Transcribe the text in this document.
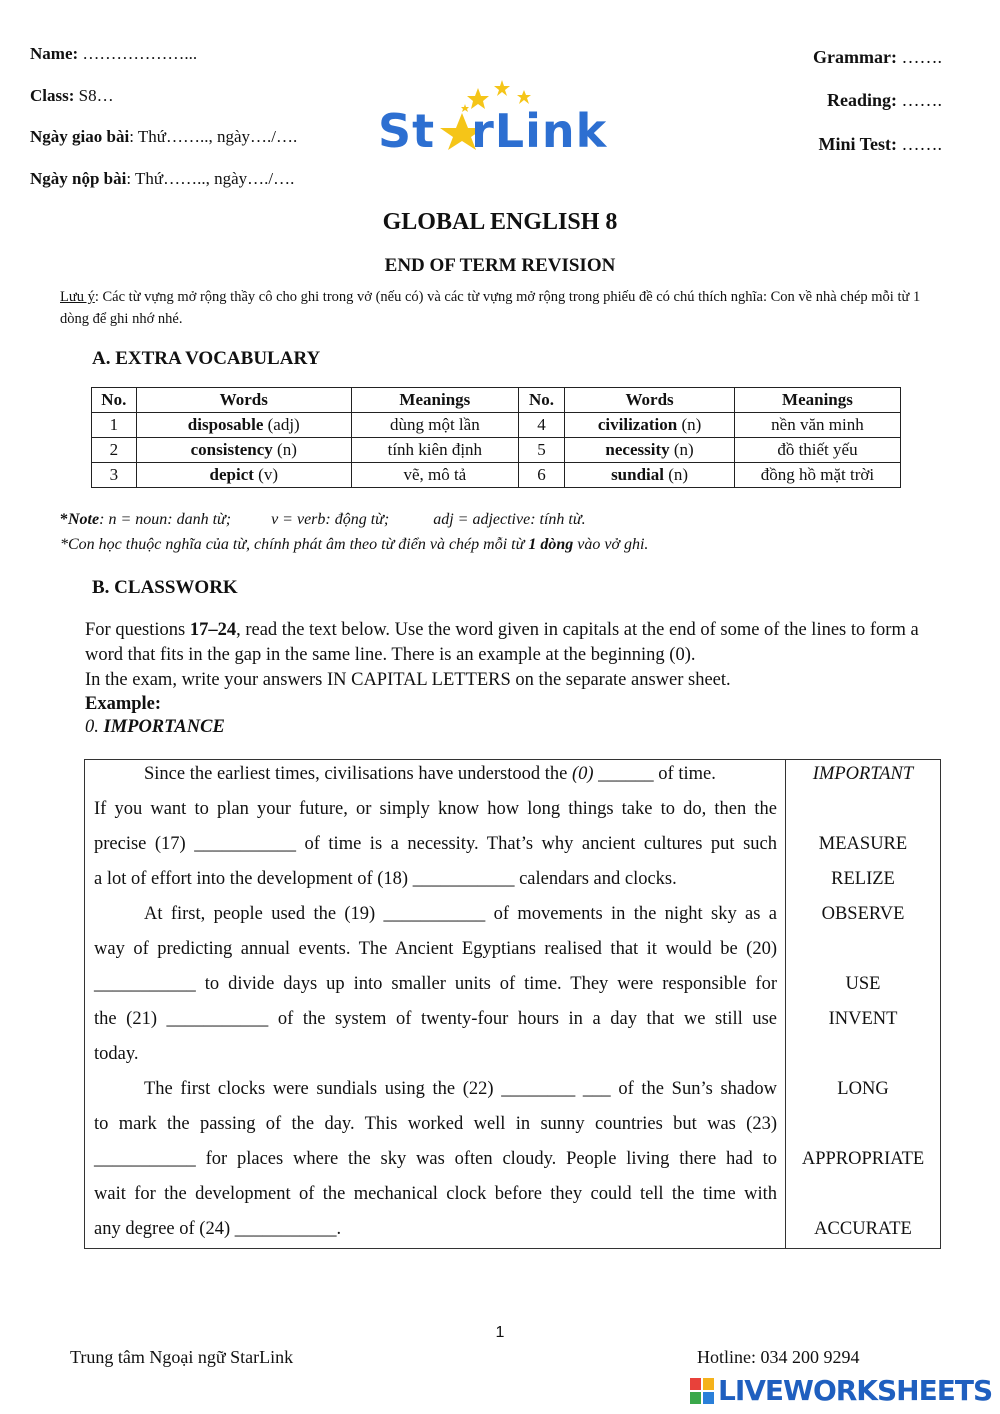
Name: ………………...
Class: S8…
Ngày giao bài: Thứ…….., ngày…./….
Ngày nộp bài: Thứ…….., ngày…./….
St rLink
Grammar: …….
Reading: …….
Mini Test: …….
GLOBAL ENGLISH 8
END OF TERM REVISION
Lưu ý: Các từ vựng mở rộng thầy cô cho ghi trong vở (nếu có) và các từ vựng mở rộng trong phiếu đề có chú thích nghĩa: Con về nhà chép mỗi từ 1 dòng để ghi nhớ nhé.
A. EXTRA VOCABULARY
No.	Words	Meanings	No.	Words	Meanings
1	disposable (adj)	dùng một lần	4	civilization (n)	nền văn minh
2	consistency (n)	tính kiên định	5	necessity (n)	đồ thiết yếu
3	depict (v)	vẽ, mô tả	6	sundial (n)	đồng hồ mặt trời
*Note: n = noun: danh từ;	v = verb: động từ;	adj = adjective: tính từ.
*Con học thuộc nghĩa của từ, chính phát âm theo từ điển và chép mỗi từ 1 dòng vào vở ghi.
B. CLASSWORK
For questions 17–24, read the text below. Use the word given in capitals at the end of some of the lines to form a word that fits in the gap in the same line. There is an example at the beginning (0).
In the exam, write your answers IN CAPITAL LETTERS on the separate answer sheet.
Example:
0. IMPORTANCE
Since the earliest times, civilisations have understood the (0) ______ of time.
If you want to plan your future, or simply know how long things take to do, then the
precise (17) ___________ of time is a necessity. That’s why ancient cultures put such
a lot of effort into the development of (18) ___________ calendars and clocks.
At first, people used the (19) ___________ of movements in the night sky as a
way of predicting annual events. The Ancient Egyptians realised that it would be (20)
___________ to divide days up into smaller units of time. They were responsible for
the (21) ___________ of the system of twenty-four hours in a day that we still use
today.
The first clocks were sundials using the (22) ________ ___ of the Sun’s shadow
to mark the passing of the day. This worked well in sunny countries but was (23)
___________ for places where the sky was often cloudy. People living there had to
wait for the development of the mechanical clock before they could tell the time with
any degree of (24) ___________.
IMPORTANT
MEASURE
RELIZE
OBSERVE
USE
INVENT
LONG
APPROPRIATE
ACCURATE
1
Trung tâm Ngoại ngữ StarLink	Hotline: 034 200 9294
LIVEWORKSHEETS
